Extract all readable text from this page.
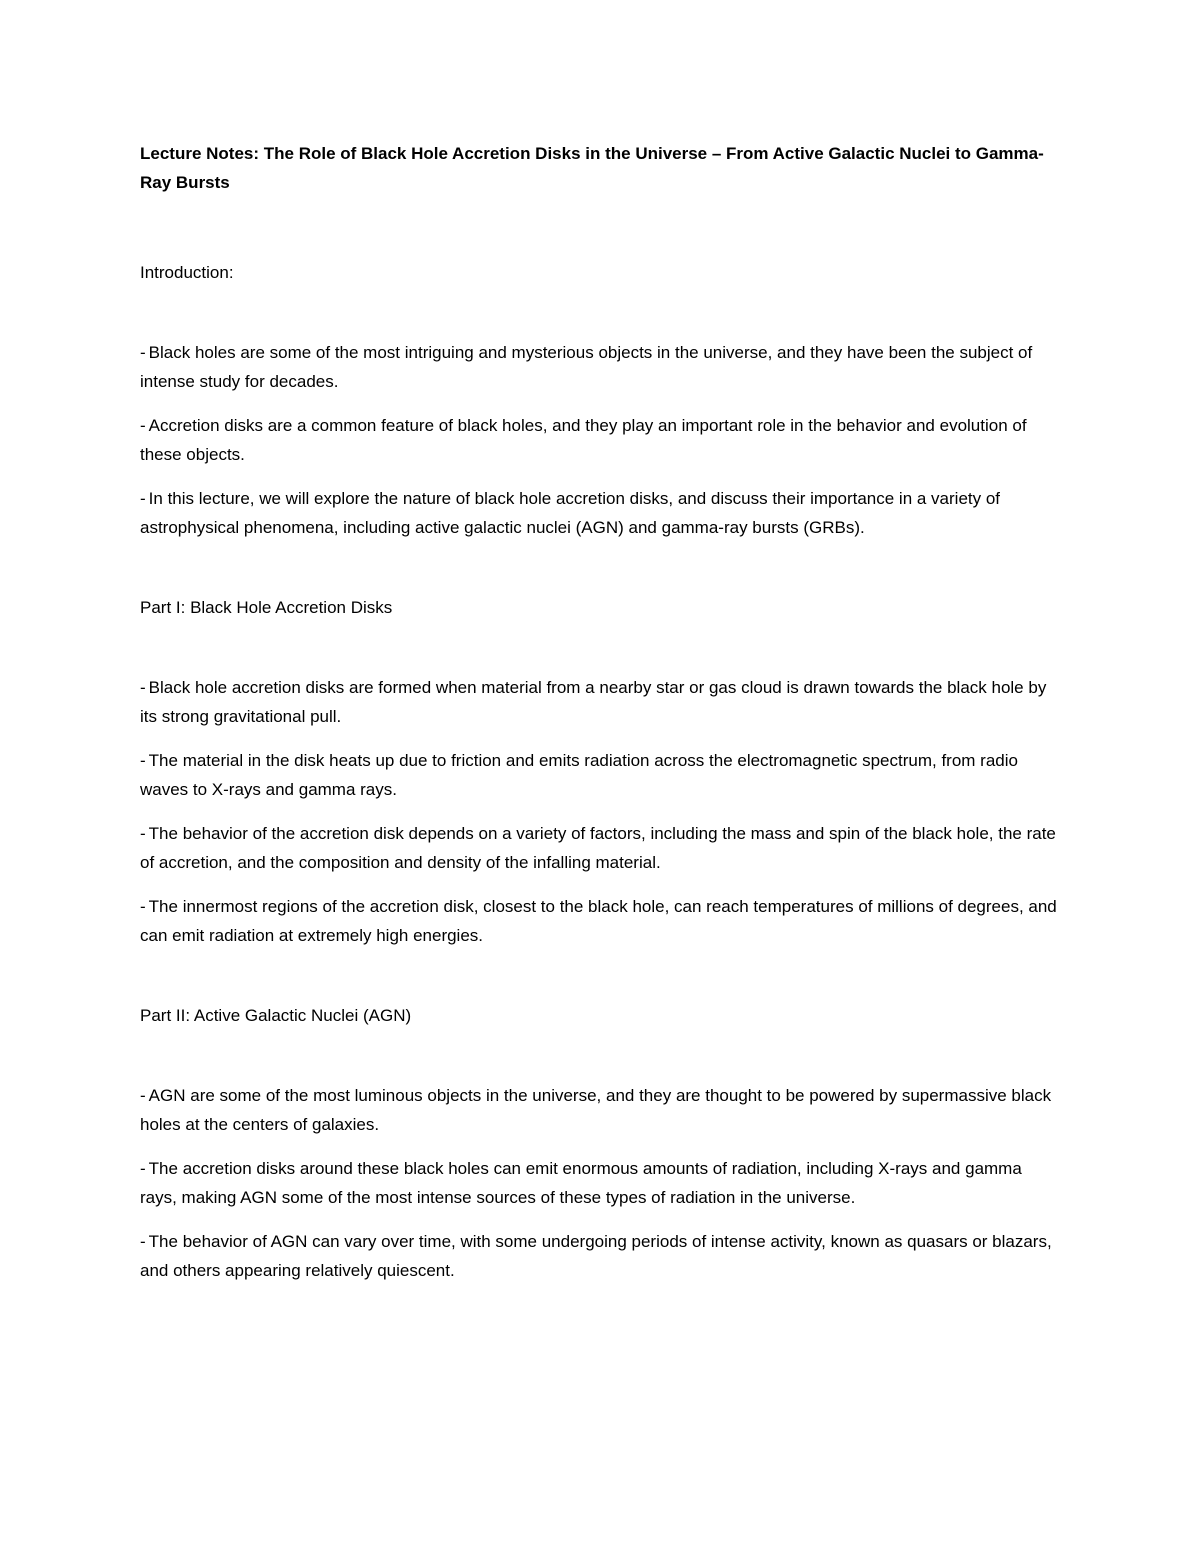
Lecture Notes: The Role of Black Hole Accretion Disks in the Universe – From Active Galactic Nuclei to Gamma-Ray Bursts

Introduction:

- Black holes are some of the most intriguing and mysterious objects in the universe, and they have been the subject of intense study for decades.

- Accretion disks are a common feature of black holes, and they play an important role in the behavior and evolution of these objects.

- In this lecture, we will explore the nature of black hole accretion disks, and discuss their importance in a variety of astrophysical phenomena, including active galactic nuclei (AGN) and gamma-ray bursts (GRBs).

Part I: Black Hole Accretion Disks

- Black hole accretion disks are formed when material from a nearby star or gas cloud is drawn towards the black hole by its strong gravitational pull.

- The material in the disk heats up due to friction and emits radiation across the electromagnetic spectrum, from radio waves to X-rays and gamma rays.

- The behavior of the accretion disk depends on a variety of factors, including the mass and spin of the black hole, the rate of accretion, and the composition and density of the infalling material.

- The innermost regions of the accretion disk, closest to the black hole, can reach temperatures of millions of degrees, and can emit radiation at extremely high energies.

Part II: Active Galactic Nuclei (AGN)

- AGN are some of the most luminous objects in the universe, and they are thought to be powered by supermassive black holes at the centers of galaxies.

- The accretion disks around these black holes can emit enormous amounts of radiation, including X-rays and gamma rays, making AGN some of the most intense sources of these types of radiation in the universe.

- The behavior of AGN can vary over time, with some undergoing periods of intense activity, known as quasars or blazars, and others appearing relatively quiescent.
